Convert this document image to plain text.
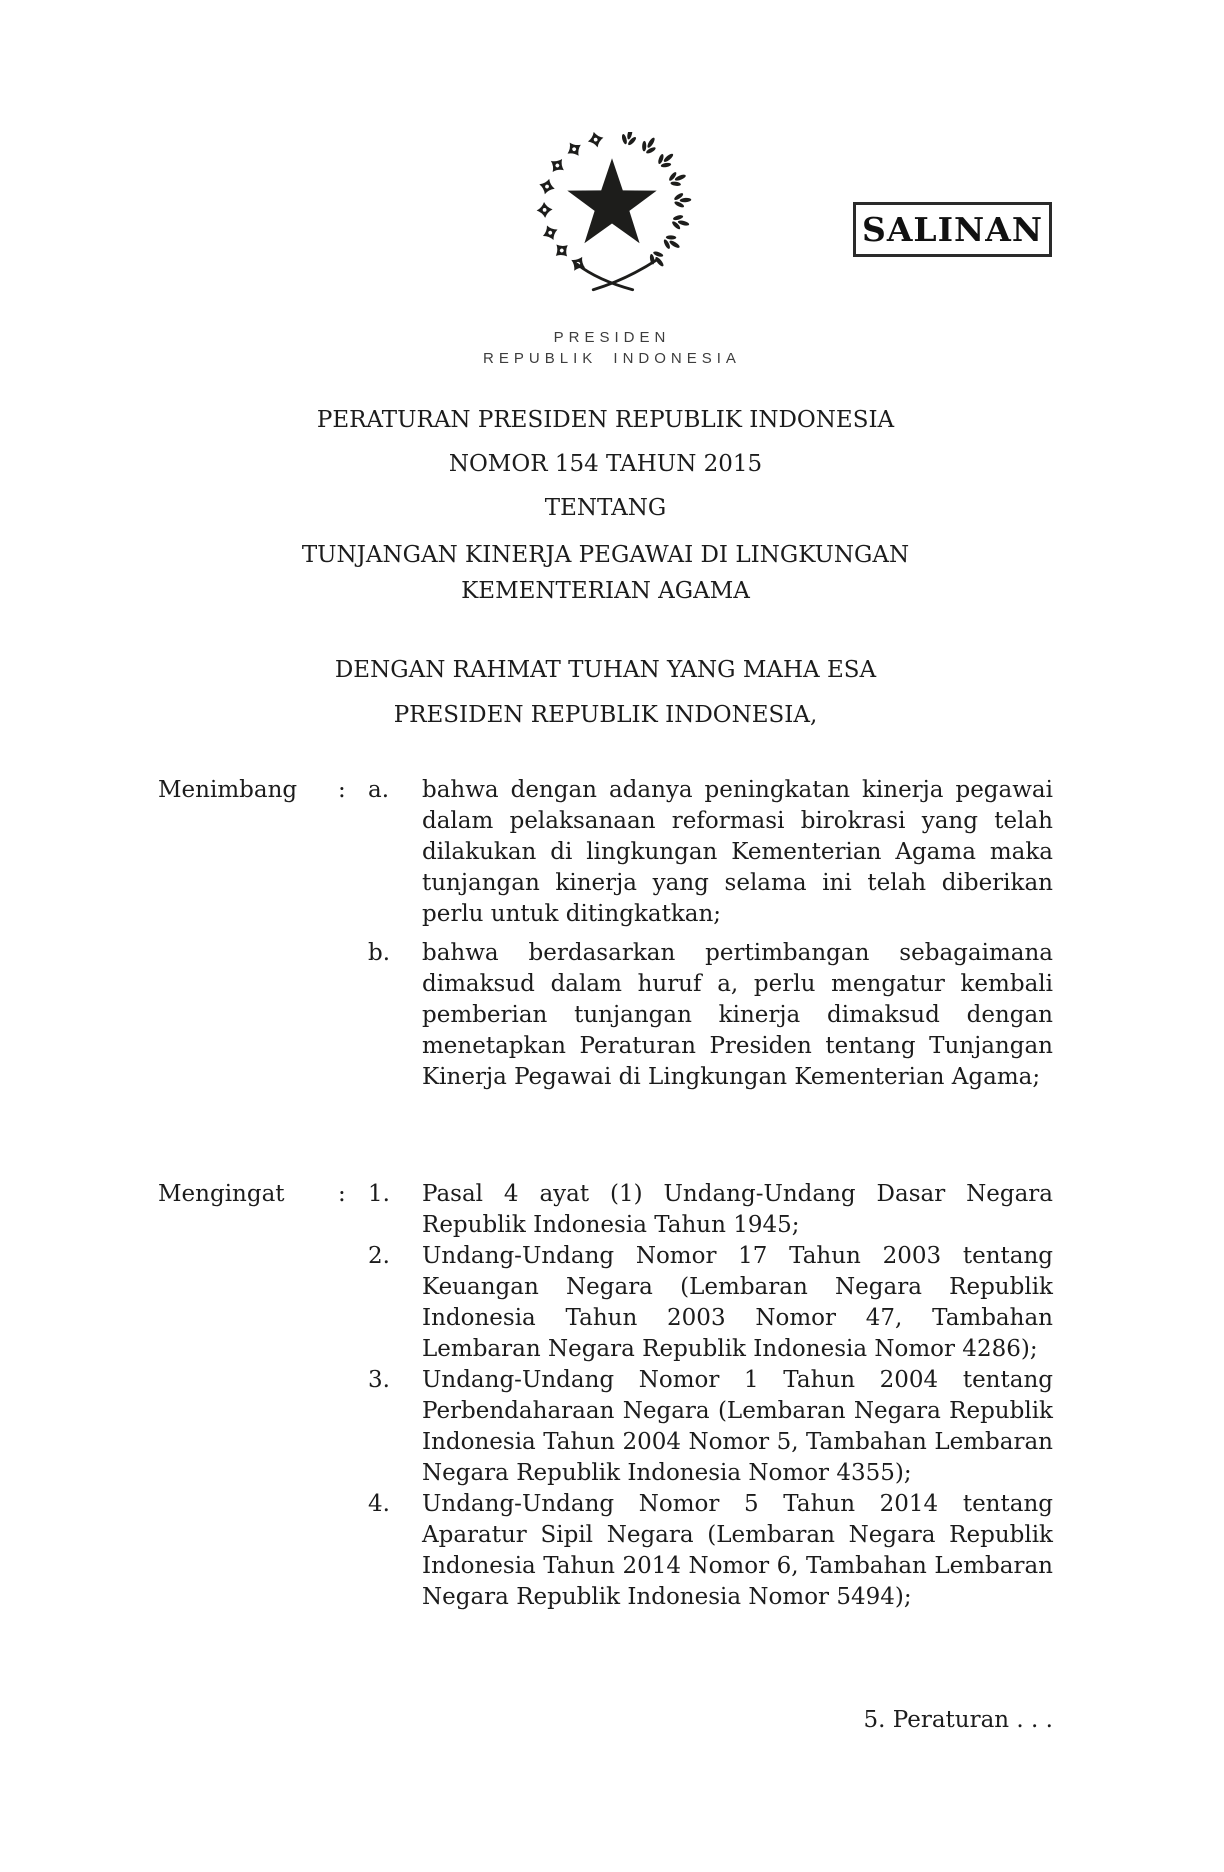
SALINAN
PRESIDEN
REPUBLIK INDONESIA
PERATURAN PRESIDEN REPUBLIK INDONESIA
NOMOR 154 TAHUN 2015
TENTANG
TUNJANGAN KINERJA PEGAWAI DI LINGKUNGAN
KEMENTERIAN AGAMA
DENGAN RAHMAT TUHAN YANG MAHA ESA
PRESIDEN REPUBLIK INDONESIA,
Menimbang	: a.	bahwa dengan adanya peningkatan kinerja pegawai dalam pelaksanaan reformasi birokrasi yang telah dilakukan di lingkungan Kementerian Agama maka tunjangan kinerja yang selama ini telah diberikan perlu untuk ditingkatkan;
b.	bahwa berdasarkan pertimbangan sebagaimana dimaksud dalam huruf a, perlu mengatur kembali pemberian tunjangan kinerja dimaksud dengan menetapkan Peraturan Presiden tentang Tunjangan Kinerja Pegawai di Lingkungan Kementerian Agama;
Mengingat	: 1.	Pasal 4 ayat (1) Undang-Undang Dasar Negara Republik Indonesia Tahun 1945;
2.	Undang-Undang Nomor 17 Tahun 2003 tentang Keuangan Negara (Lembaran Negara Republik Indonesia Tahun 2003 Nomor 47, Tambahan Lembaran Negara Republik Indonesia Nomor 4286);
3.	Undang-Undang Nomor 1 Tahun 2004 tentang Perbendaharaan Negara (Lembaran Negara Republik Indonesia Tahun 2004 Nomor 5, Tambahan Lembaran Negara Republik Indonesia Nomor 4355);
4.	Undang-Undang Nomor 5 Tahun 2014 tentang Aparatur Sipil Negara (Lembaran Negara Republik Indonesia Tahun 2014 Nomor 6, Tambahan Lembaran Negara Republik Indonesia Nomor 5494);
5. Peraturan . . .
